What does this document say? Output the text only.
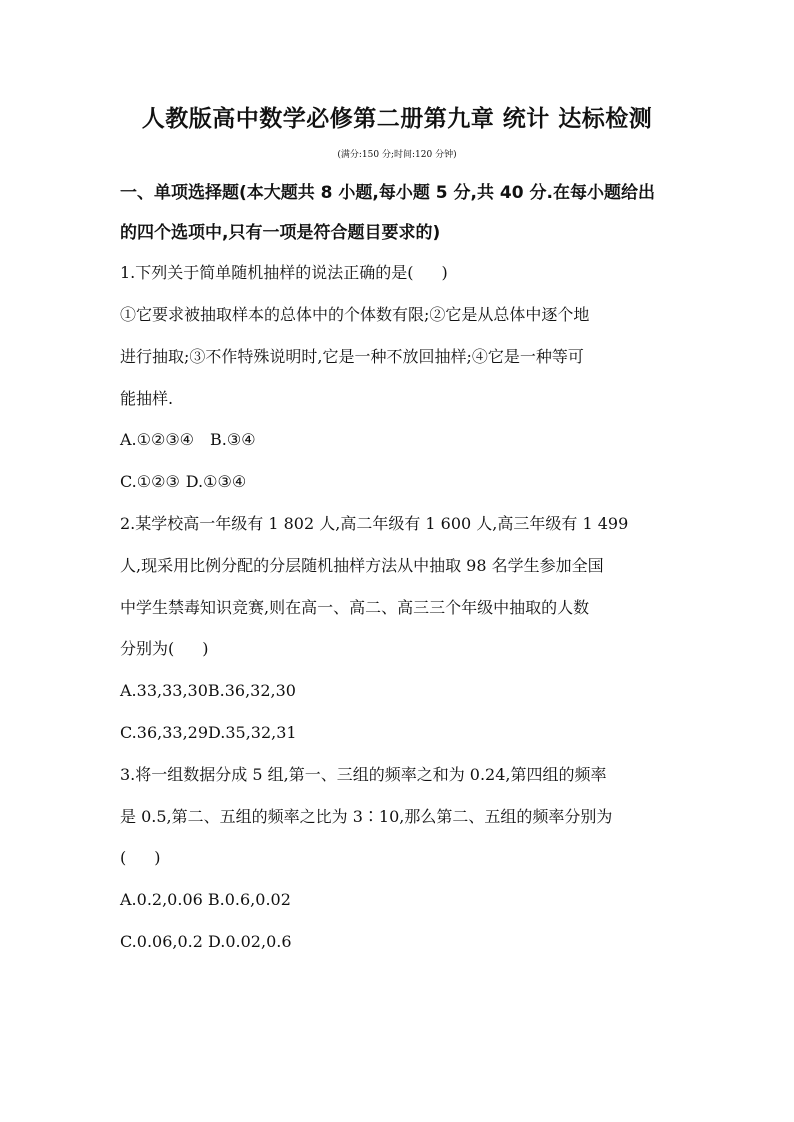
人教版高中数学必修第二册第九章 统计 达标检测
(满分:150 分;时间:120 分钟)
一、单项选择题(本大题共 8 小题,每小题 5 分,共 40 分.在每小题给出
的四个选项中,只有一项是符合题目要求的)
1.下列关于简单随机抽样的说法正确的是( )
①它要求被抽取样本的总体中的个体数有限;②它是从总体中逐个地
进行抽取;③不作特殊说明时,它是一种不放回抽样;④它是一种等可
能抽样.
A.①②③④ B.③④
C.①②③ D.①③④
2.某学校高一年级有 1 802 人,高二年级有 1 600 人,高三年级有 1 499
人,现采用比例分配的分层随机抽样方法从中抽取 98 名学生参加全国
中学生禁毒知识竞赛,则在高一、高二、高三三个年级中抽取的人数
分别为( )
A.33,33,30B.36,32,30
C.36,33,29D.35,32,31
3.将一组数据分成 5 组,第一、三组的频率之和为 0.24,第四组的频率
是 0.5,第二、五组的频率之比为 3∶10,那么第二、五组的频率分别为
( )
A.0.2,0.06 B.0.6,0.02
C.0.06,0.2 D.0.02,0.6
